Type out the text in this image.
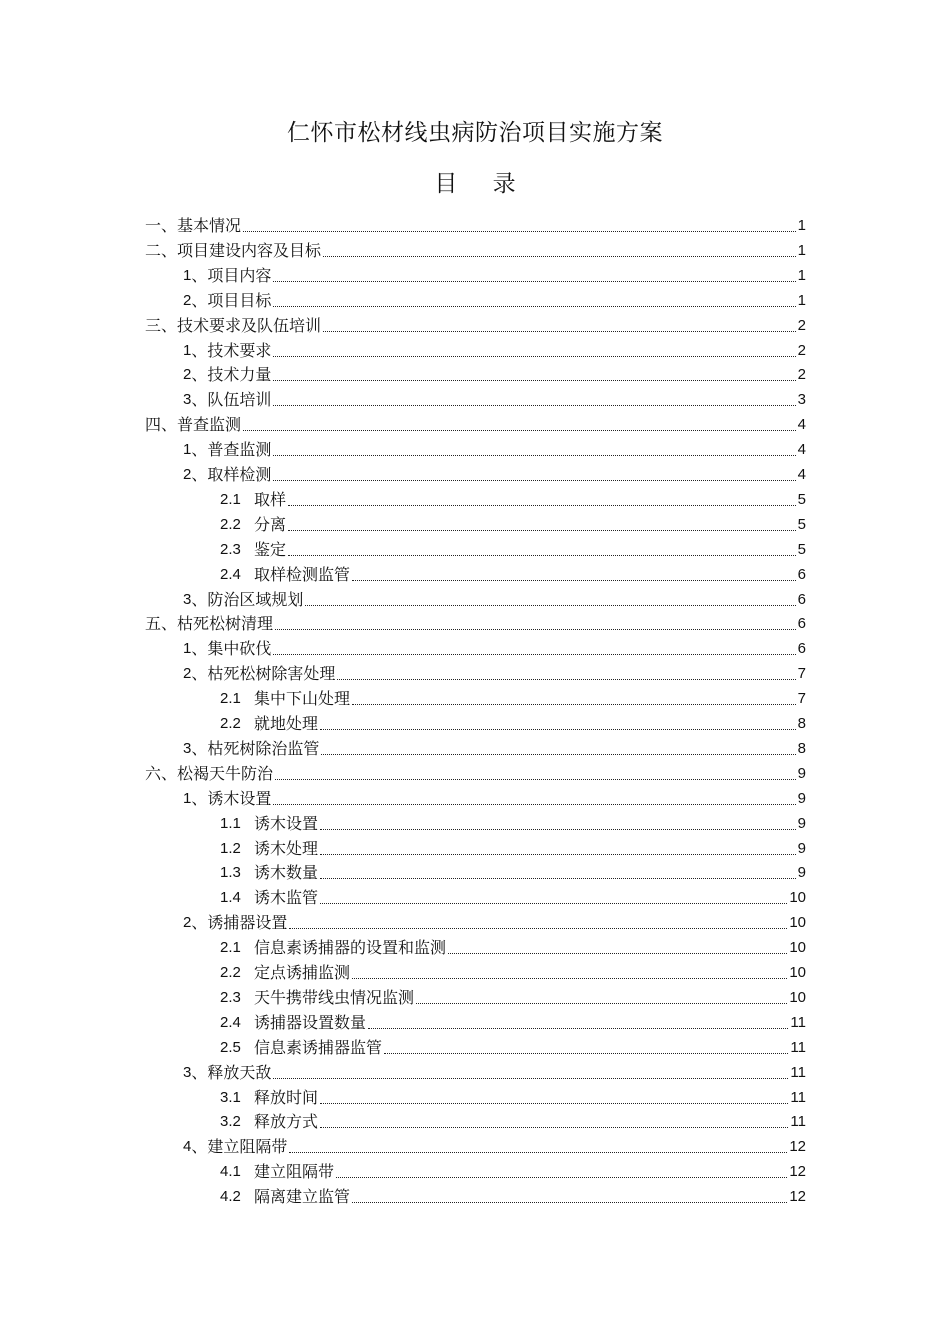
仁怀市松材线虫病防治项目实施方案
目 录
一、基本情况	1
二、项目建设内容及目标	1
1 、项目内容	1
2 、项目目标	1
三、技术要求及队伍培训	2
1 、技术要求	2
2 、技术力量	2
3 、队伍培训	3
四、普查监测	4
1 、普查监测	4
2 、取样检测	4
2.1 取样	5
2.2 分离	5
2.3 鉴定	5
2.4 取样检测监管	6
3 、防治区域规划	6
五、枯死松树清理	6
1 、集中砍伐	6
2 、枯死松树除害处理	7
2.1 集中下山处理	7
2.2 就地处理	8
3 、枯死树除治监管	8
六、松褐天牛防治	9
1 、诱木设置	9
1.1 诱木设置	9
1.2 诱木处理	9
1.3 诱木数量	9
1.4 诱木监管	10
2 、诱捕器设置	10
2.1 信息素诱捕器的设置和监测	10
2.2 定点诱捕监测	10
2.3 天牛携带线虫情况监测	10
2.4 诱捕器设置数量	11
2.5 信息素诱捕器监管	11
3 、释放天敌	11
3.1 释放时间	11
3.2 释放方式	11
4 、建立阻隔带	12
4.1 建立阻隔带	12
4.2 隔离建立监管	12
